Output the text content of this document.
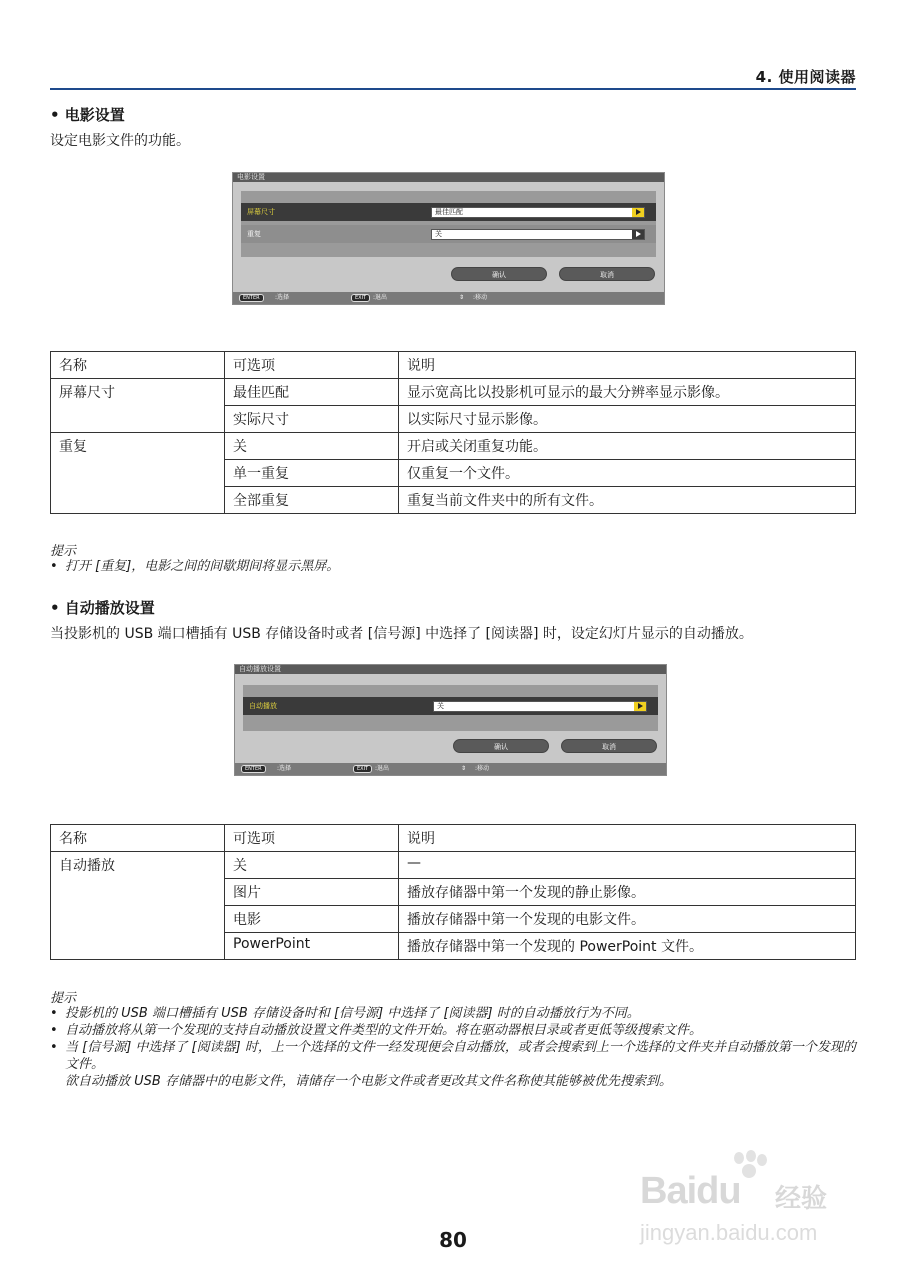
4. 使用阅读器
• 电影设置
设定电影文件的功能。
电影设置
屏幕尺寸	最佳匹配
重复	关
确认	取消
ENTER	:选择	EXIT	:退出	⇕ :移动
名称	可选项	说明
屏幕尺寸	最佳匹配	显示宽高比以投影机可显示的最大分辨率显示影像。
	实际尺寸	以实际尺寸显示影像。
重复	关	开启或关闭重复功能。
	单一重复	仅重复一个文件。
	全部重复	重复当前文件夹中的所有文件。
提示
• 打开 [重复]，电影之间的间歇期间将显示黑屏。
• 自动播放设置
当投影机的 USB 端口槽插有 USB 存储设备时或者 [信号源] 中选择了 [阅读器] 时，设定幻灯片显示的自动播放。
自动播放设置
自动播放	关
确认	取消
ENTER	:选择	EXIT	:退出	⇕ :移动
名称	可选项	说明
自动播放	关	—
	图片	播放存储器中第一个发现的静止影像。
	电影	播放存储器中第一个发现的电影文件。
	PowerPoint	播放存储器中第一个发现的 PowerPoint 文件。
提示
• 投影机的 USB 端口槽插有 USB 存储设备时和 [信号源] 中选择了 [阅读器] 时的自动播放行为不同。
• 自动播放将从第一个发现的支持自动播放设置文件类型的文件开始。将在驱动器根目录或者更低等级搜索文件。
• 当 [信号源] 中选择了 [阅读器] 时，上一个选择的文件一经发现便会自动播放，或者会搜索到上一个选择的文件夹并自动播放第一个发现的文件。
欲自动播放 USB 存储器中的电影文件，请储存一个电影文件或者更改其文件名称使其能够被优先搜索到。
Baidu 经验
jingyan.baidu.com
80
